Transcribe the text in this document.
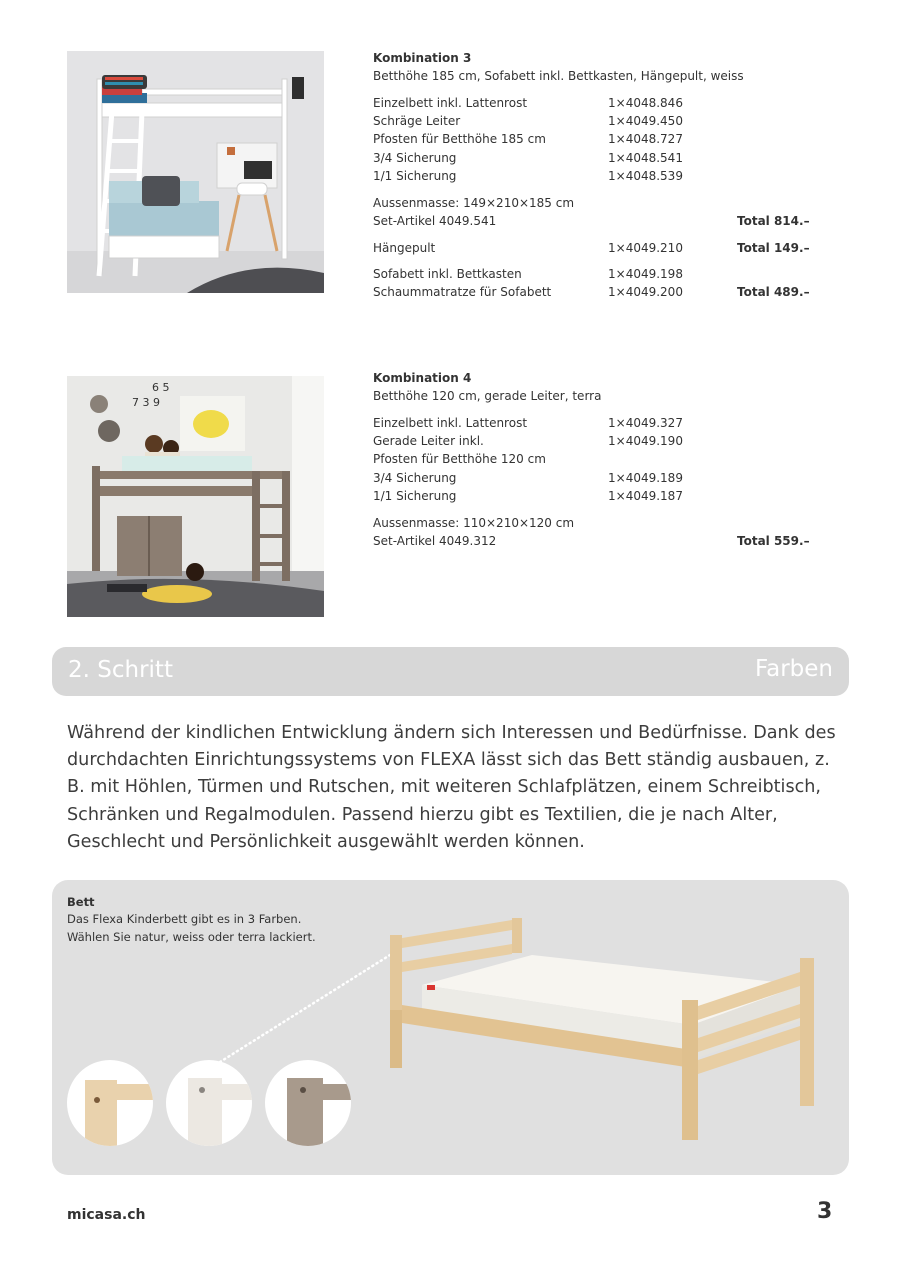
Kombination 3
Betthöhe 185 cm, Sofabett inkl. Bettkasten, Hängepult, weiss
Einzelbett inkl. Lattenrost	1×4048.846
Schräge Leiter	1×4049.450
Pfosten für Betthöhe 185 cm	1×4048.727
3/4 Sicherung	1×4048.541
1/1 Sicherung	1×4048.539
Aussenmasse: 149×210×185 cm
Set-Artikel 4049.541	Total 814.–
Hängepult	1×4049.210	Total 149.–
Sofabett inkl. Bettkasten	1×4049.198
Schaummatratze für Sofabett	1×4049.200	Total 489.–
7 3 9
6 5
Kombination 4
Betthöhe 120 cm, gerade Leiter, terra
Einzelbett inkl. Lattenrost	1×4049.327
Gerade Leiter inkl.	1×4049.190
Pfosten für Betthöhe 120 cm
3/4 Sicherung	1×4049.189
1/1 Sicherung	1×4049.187
Aussenmasse: 110×210×120 cm
Set-Artikel 4049.312	Total 559.–
2. Schritt	Farben

Während der kindlichen Entwicklung ändern sich Interessen und Bedürfnisse. Dank des durchdachten Einrichtungssystems von FLEXA lässt sich das Bett ständig ausbauen, z. B. mit Höhlen, Türmen und Rutschen, mit weiteren Schlafplätzen, einem Schreibtisch, Schränken und Regalmodulen. Passend hierzu gibt es Textilien, die je nach Alter, Geschlecht und Persönlichkeit ausgewählt werden können.

Bett
Das Flexa Kinderbett gibt es in 3 Farben.
Wählen Sie natur, weiss oder terra lackiert.
micasa.ch	3
